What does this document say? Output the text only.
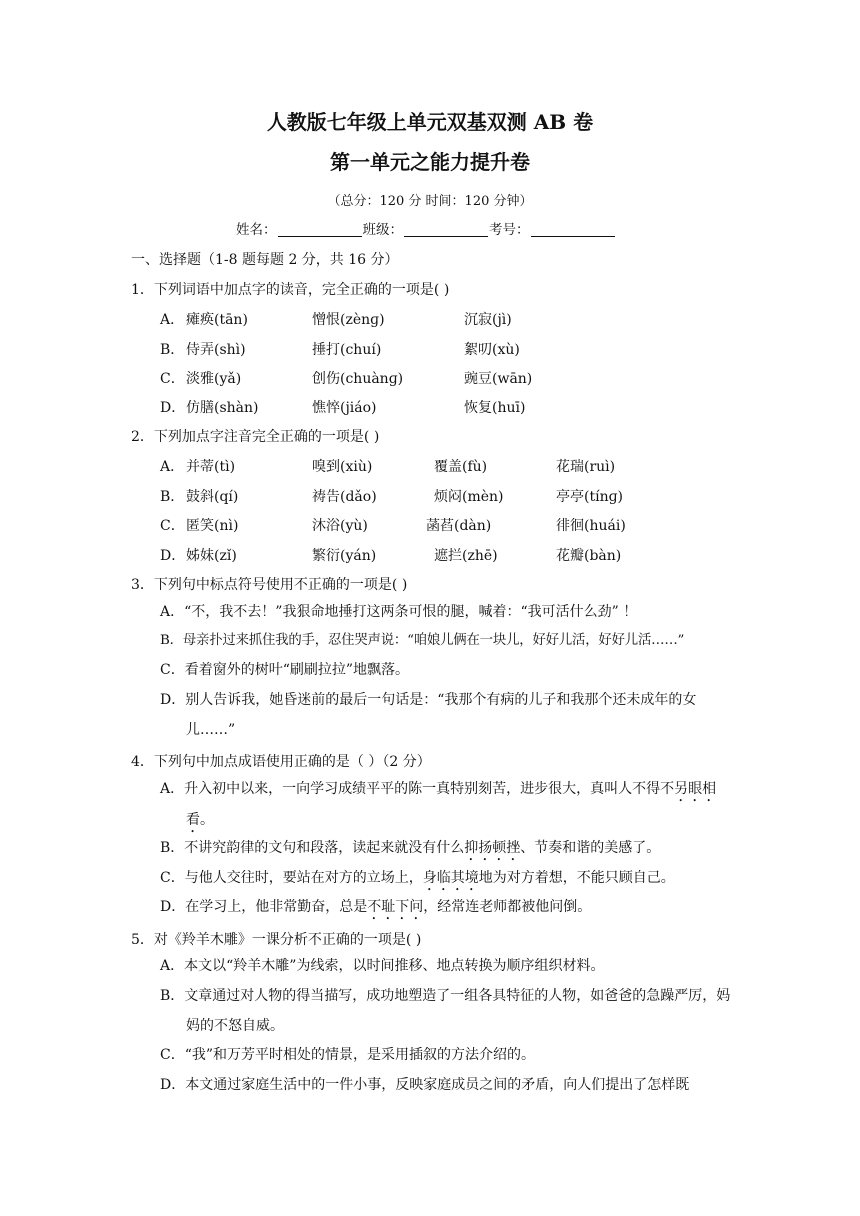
人教版七年级上单元双基双测 AB 卷
第一单元之能力提升卷
（总分：120 分 时间：120 分钟）
姓名：	班级：	考号：
一、选择题（1-8 题每题 2 分，共 16 分）
1．下列词语中加点字的读音，完全正确的一项是( )
A． 瘫痪(tān)	憎恨(zènɡ)	沉寂(jì)
B． 侍弄(shì)	捶打(chuí)	絮叨(xù)
C． 淡雅(yǎ)	创伤(chuànɡ)	豌豆(wān)
D． 仿膳(shàn)	憔悴(jiáo)	恢复(huī)
2．下列加点字注音完全正确的一项是( )
A． 并蒂(tì)	嗅到(xiù)	覆盖(fù)	花瑞(ruì)
B． 鼓斜(qí)	祷告(dǎo)	烦闷(mèn)	亭亭(tínɡ)
C． 匿笑(nì)	沐浴(yù)	菡萏(dàn)	徘徊(huái)
D． 姊妹(zǐ)	繁衍(yán)	遮拦(zhē)	花瓣(bàn)
3．下列句中标点符号使用不正确的一项是( )
A．“不，我不去！”我狠命地捶打这两条可恨的腿，喊着：“我可活什么劲” ！
B．母亲扑过来抓住我的手，忍住哭声说：“咱娘儿俩在一块儿，好好儿活，好好儿活……”
C．看着窗外的树叶“刷刷拉拉”地飘落。
D．别人告诉我，她昏迷前的最后一句话是：“我那个有病的儿子和我那个还未成年的女儿……”
4．下列句中加点成语使用正确的是（ ）（2 分）
A．升入初中以来，一向学习成绩平平的陈一真特别刻苦，进步很大，真叫人不得不另眼相看。
B．不讲究韵律的文句和段落，读起来就没有什么抑扬顿挫、节奏和谐的美感了。
C．与他人交往时，要站在对方的立场上，身临其境地为对方着想，不能只顾自己。
D．在学习上，他非常勤奋，总是不耻下问，经常连老师都被他问倒。
5．对《羚羊木雕》一课分析不正确的一项是( )
A．本文以“羚羊木雕”为线索，以时间推移、地点转换为顺序组织材料。
B．文章通过对人物的得当描写，成功地塑造了一组各具特征的人物，如爸爸的急躁严厉，妈妈的不怒自威。
C．“我”和万芳平时相处的情景，是采用插叙的方法介绍的。
D．本文通过家庭生活中的一件小事，反映家庭成员之间的矛盾，向人们提出了怎样既
